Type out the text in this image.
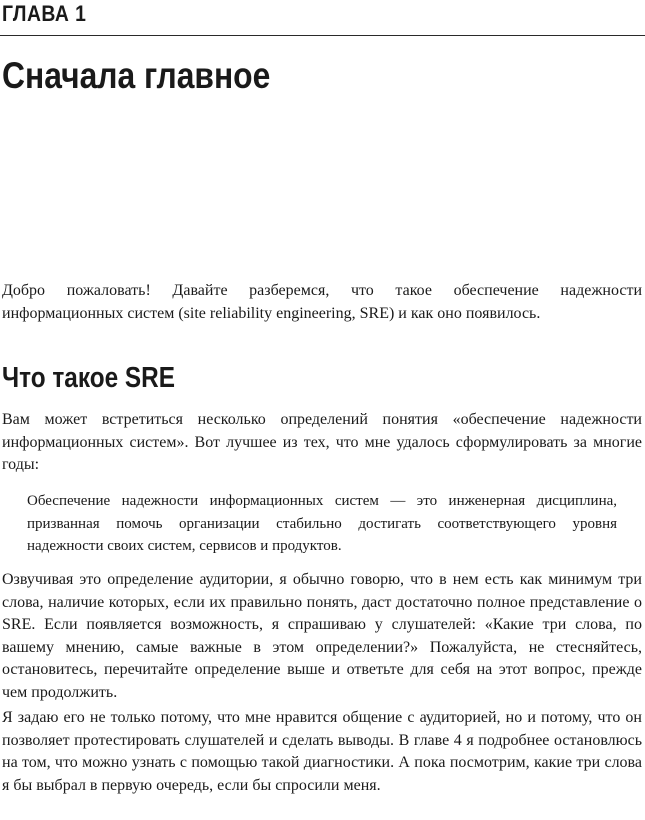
ГЛАВА 1
Сначала главное

Добро пожаловать! Давайте разберемся, что такое обеспечение надежности информационных систем (site reliability engineering, SRE) и как оно появилось.

Что такое SRE

Вам может встретиться несколько определений понятия «обеспечение надежности информационных систем». Вот лучшее из тех, что мне удалось сформулировать за многие годы:

Обеспечение надежности информационных систем — это инженерная дисциплина, призванная помочь организации стабильно достигать соответствующего уровня надежности своих систем, сервисов и продуктов.

Озвучивая это определение аудитории, я обычно говорю, что в нем есть как минимум три слова, наличие которых, если их правильно понять, даст достаточно полное представление о SRE. Если появляется возможность, я спрашиваю у слушателей: «Какие три слова, по вашему мнению, самые важные в этом определении?» Пожалуйста, не стесняйтесь, остановитесь, перечитайте определение выше и ответьте для себя на этот вопрос, прежде чем продолжить.

Я задаю его не только потому, что мне нравится общение с аудиторией, но и потому, что он позволяет протестировать слушателей и сделать выводы. В главе 4 я подробнее остановлюсь на том, что можно узнать с помощью такой диагностики. А пока посмотрим, какие три слова я бы выбрал в первую очередь, если бы спросили меня.
